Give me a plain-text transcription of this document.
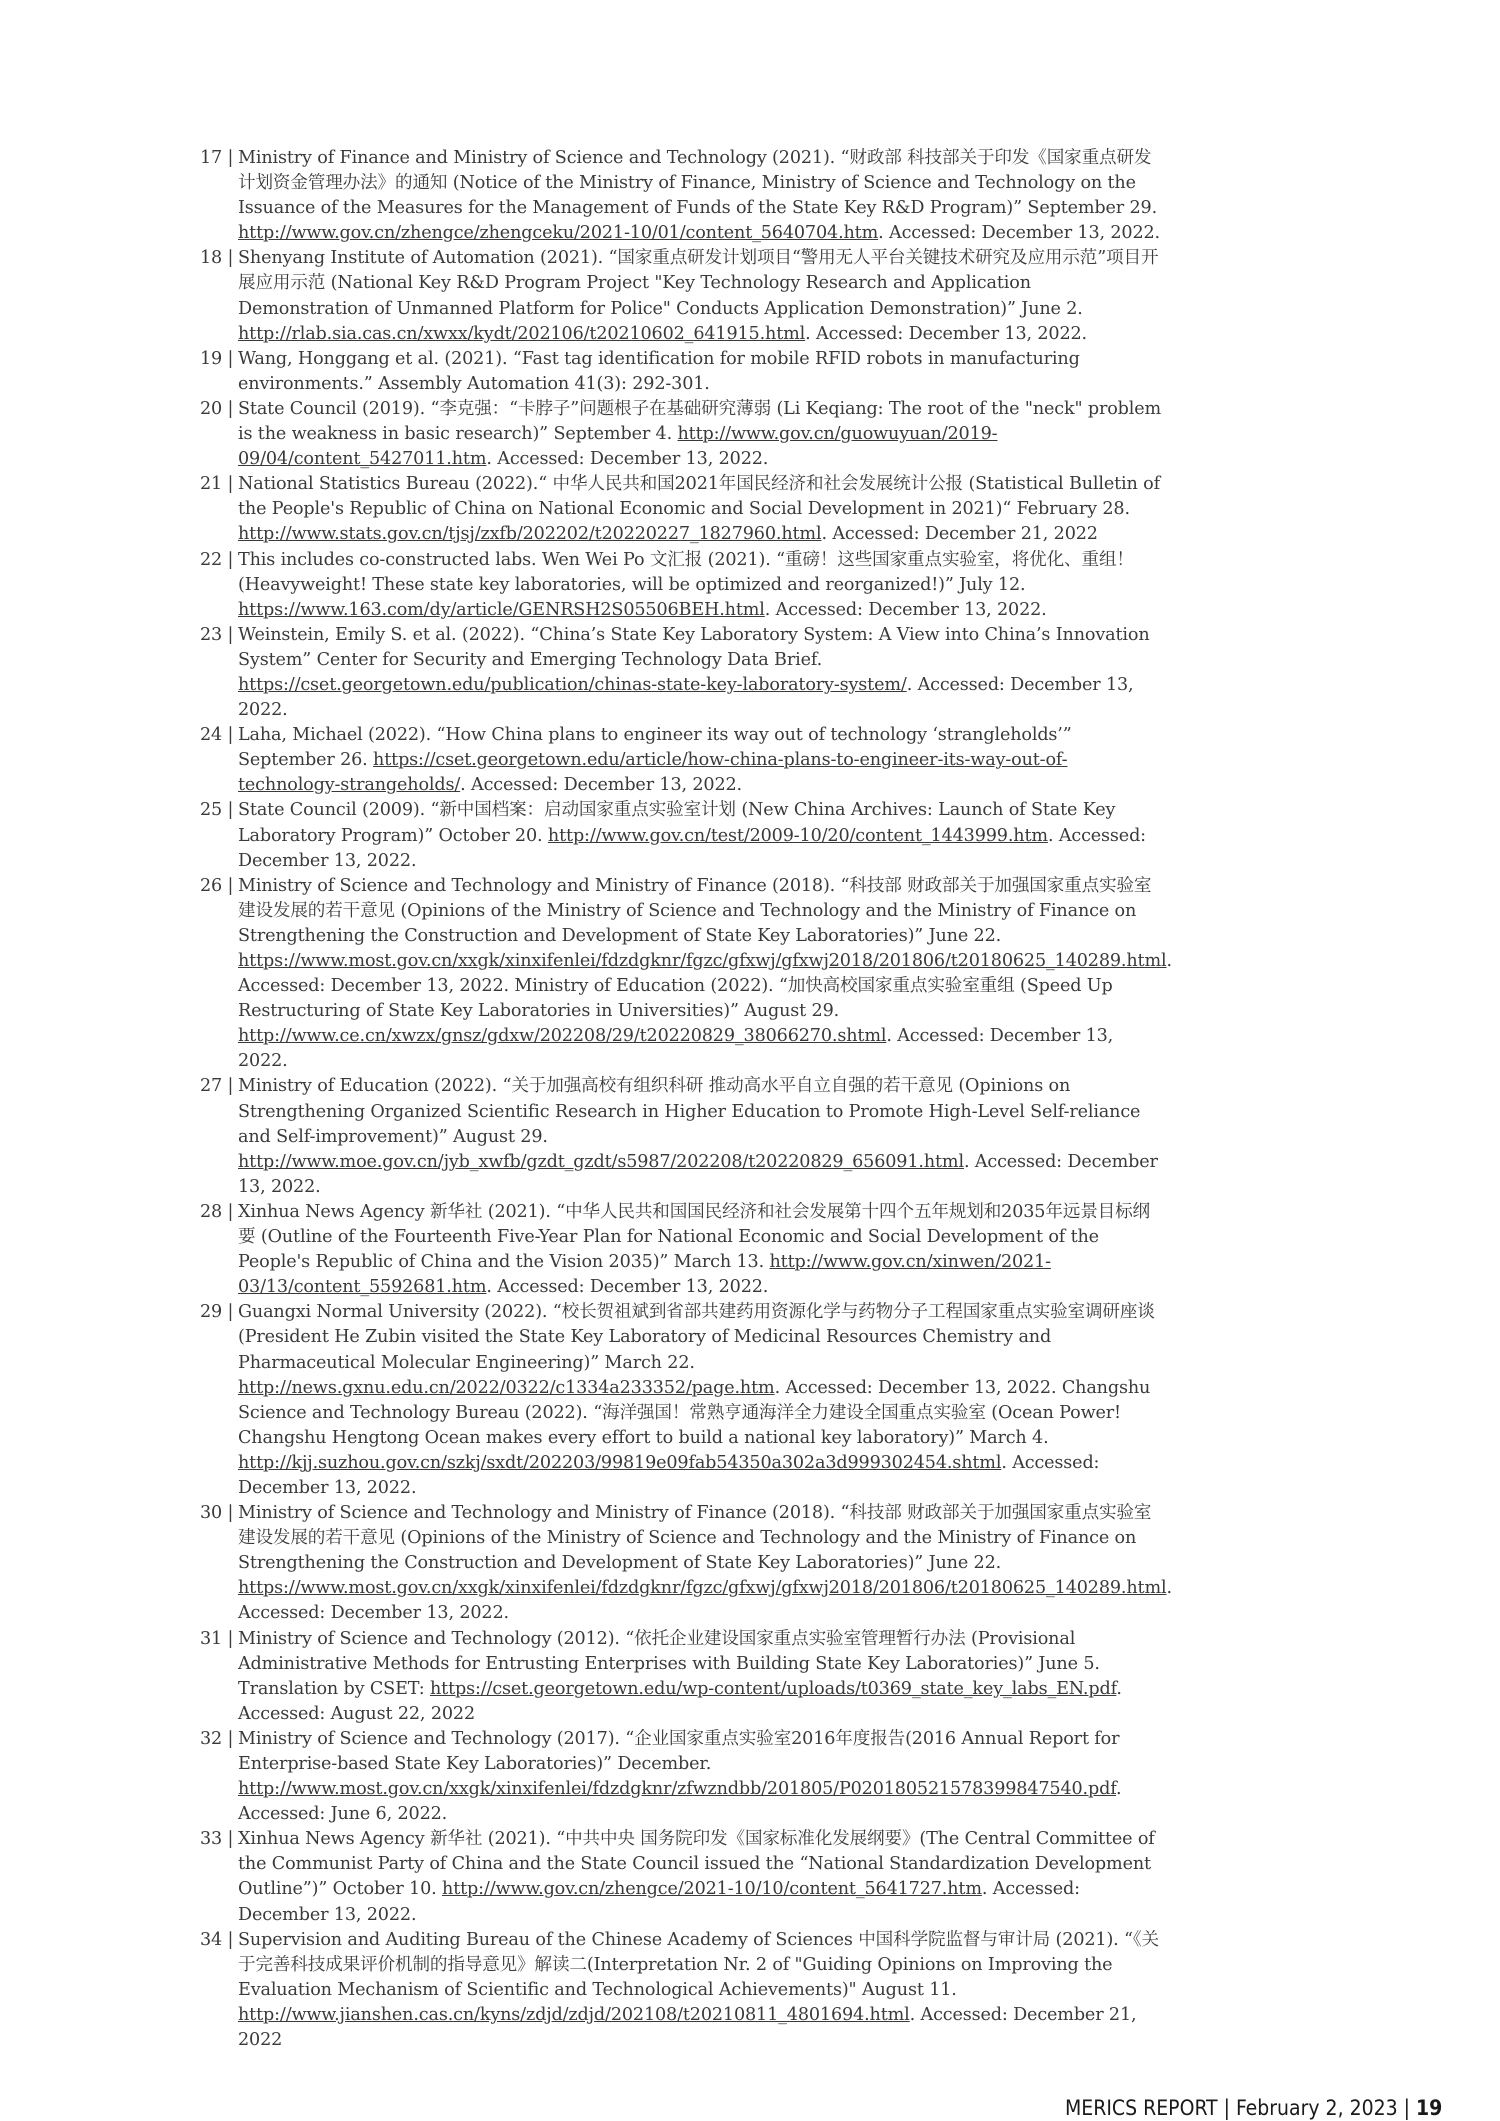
17 | Ministry of Finance and Ministry of Science and Technology (2021). “财政部 科技部关于印发《国家重点研发计划资金管理办法》的通知 (Notice of the Ministry of Finance, Ministry of Science and Technology on the Issuance of the Measures for the Management of Funds of the State Key R&D Program)” September 29. http://www.gov.cn/zhengce/zhengceku/2021-10/01/content_5640704.htm. Accessed: December 13, 2022.
18 | Shenyang Institute of Automation (2021). “国家重点研发计划项目“警用无人平台关键技术研究及应用示范”项目开展应用示范 (National Key R&D Program Project "Key Technology Research and Application Demonstration of Unmanned Platform for Police" Conducts Application Demonstration)” June 2. http://rlab.sia.cas.cn/xwxx/kydt/202106/t20210602_641915.html. Accessed: December 13, 2022.
19 | Wang, Honggang et al. (2021). “Fast tag identification for mobile RFID robots in manufacturing environments.” Assembly Automation 41(3): 292-301.
20 | State Council (2019). “李克强：“卡脖子”问题根子在基础研究薄弱 (Li Keqiang: The root of the "neck" problem is the weakness in basic research)” September 4. http://www.gov.cn/guowuyuan/2019-09/04/content_5427011.htm. Accessed: December 13, 2022.
21 | National Statistics Bureau (2022).“ 中华人民共和国2021年国民经济和社会发展统计公报 (Statistical Bulletin of the People's Republic of China on National Economic and Social Development in 2021)“ February 28. http://www.stats.gov.cn/tjsj/zxfb/202202/t20220227_1827960.html. Accessed: December 21, 2022
22 | This includes co-constructed labs. Wen Wei Po 文汇报 (2021). “重磅！这些国家重点实验室，将优化、重组！(Heavyweight! These state key laboratories, will be optimized and reorganized!)” July 12. https://www.163.com/dy/article/GENRSH2S05506BEH.html. Accessed: December 13, 2022.
23 | Weinstein, Emily S. et al. (2022). “China’s State Key Laboratory System: A View into China’s Innovation System” Center for Security and Emerging Technology Data Brief. https://cset.georgetown.edu/publication/chinas-state-key-laboratory-system/. Accessed: December 13, 2022.
24 | Laha, Michael (2022). “How China plans to engineer its way out of technology ‘strangleholds’” September 26. https://cset.georgetown.edu/article/how-china-plans-to-engineer-its-way-out-of-technology-strangeholds/. Accessed: December 13, 2022.
25 | State Council (2009). “新中国档案：启动国家重点实验室计划 (New China Archives: Launch of State Key Laboratory Program)” October 20. http://www.gov.cn/test/2009-10/20/content_1443999.htm. Accessed: December 13, 2022.
26 | Ministry of Science and Technology and Ministry of Finance (2018). “科技部 财政部关于加强国家重点实验室建设发展的若干意见 (Opinions of the Ministry of Science and Technology and the Ministry of Finance on Strengthening the Construction and Development of State Key Laboratories)” June 22. https://www.most.gov.cn/xxgk/xinxifenlei/fdzdgknr/fgzc/gfxwj/gfxwj2018/201806/t20180625_140289.html. Accessed: December 13, 2022. Ministry of Education (2022). “加快高校国家重点实验室重组 (Speed Up Restructuring of State Key Laboratories in Universities)” August 29. http://www.ce.cn/xwzx/gnsz/gdxw/202208/29/t20220829_38066270.shtml. Accessed: December 13, 2022.
27 | Ministry of Education (2022). “关于加强高校有组织科研 推动高水平自立自强的若干意见 (Opinions on Strengthening Organized Scientific Research in Higher Education to Promote High-Level Self-reliance and Self-improvement)” August 29. http://www.moe.gov.cn/jyb_xwfb/gzdt_gzdt/s5987/202208/t20220829_656091.html. Accessed: December 13, 2022.
28 | Xinhua News Agency 新华社 (2021). “中华人民共和国国民经济和社会发展第十四个五年规划和2035年远景目标纲要 (Outline of the Fourteenth Five-Year Plan for National Economic and Social Development of the People's Republic of China and the Vision 2035)” March 13. http://www.gov.cn/xinwen/2021-03/13/content_5592681.htm. Accessed: December 13, 2022.
29 | Guangxi Normal University (2022). “校长贺祖斌到省部共建药用资源化学与药物分子工程国家重点实验室调研座谈 (President He Zubin visited the State Key Laboratory of Medicinal Resources Chemistry and Pharmaceutical Molecular Engineering)” March 22. http://news.gxnu.edu.cn/2022/0322/c1334a233352/page.htm. Accessed: December 13, 2022. Changshu Science and Technology Bureau (2022). “海洋强国！常熟亨通海洋全力建设全国重点实验室 (Ocean Power! Changshu Hengtong Ocean makes every effort to build a national key laboratory)” March 4. http://kjj.suzhou.gov.cn/szkj/sxdt/202203/99819e09fab54350a302a3d999302454.shtml. Accessed: December 13, 2022.
30 | Ministry of Science and Technology and Ministry of Finance (2018). “科技部 财政部关于加强国家重点实验室建设发展的若干意见 (Opinions of the Ministry of Science and Technology and the Ministry of Finance on Strengthening the Construction and Development of State Key Laboratories)” June 22. https://www.most.gov.cn/xxgk/xinxifenlei/fdzdgknr/fgzc/gfxwj/gfxwj2018/201806/t20180625_140289.html. Accessed: December 13, 2022.
31 | Ministry of Science and Technology (2012). “依托企业建设国家重点实验室管理暂行办法 (Provisional Administrative Methods for Entrusting Enterprises with Building State Key Laboratories)” June 5. Translation by CSET: https://cset.georgetown.edu/wp-content/uploads/t0369_state_key_labs_EN.pdf. Accessed: August 22, 2022
32 | Ministry of Science and Technology (2017). “企业国家重点实验室2016年度报告(2016 Annual Report for Enterprise-based State Key Laboratories)” December. http://www.most.gov.cn/xxgk/xinxifenlei/fdzdgknr/zfwzndbb/201805/P020180521578399847540.pdf. Accessed: June 6, 2022.
33 | Xinhua News Agency 新华社 (2021). “中共中央 国务院印发《国家标准化发展纲要》(The Central Committee of the Communist Party of China and the State Council issued the “National Standardization Development Outline”)” October 10. http://www.gov.cn/zhengce/2021-10/10/content_5641727.htm. Accessed: December 13, 2022.
34 | Supervision and Auditing Bureau of the Chinese Academy of Sciences 中国科学院监督与审计局 (2021). “《关于完善科技成果评价机制的指导意见》解读二(Interpretation Nr. 2 of "Guiding Opinions on Improving the Evaluation Mechanism of Scientific and Technological Achievements)" August 11. http://www.jianshen.cas.cn/kyns/zdjd/zdjd/202108/t20210811_4801694.html. Accessed: December 21, 2022
MERICS REPORT | February 2, 2023 | 19
